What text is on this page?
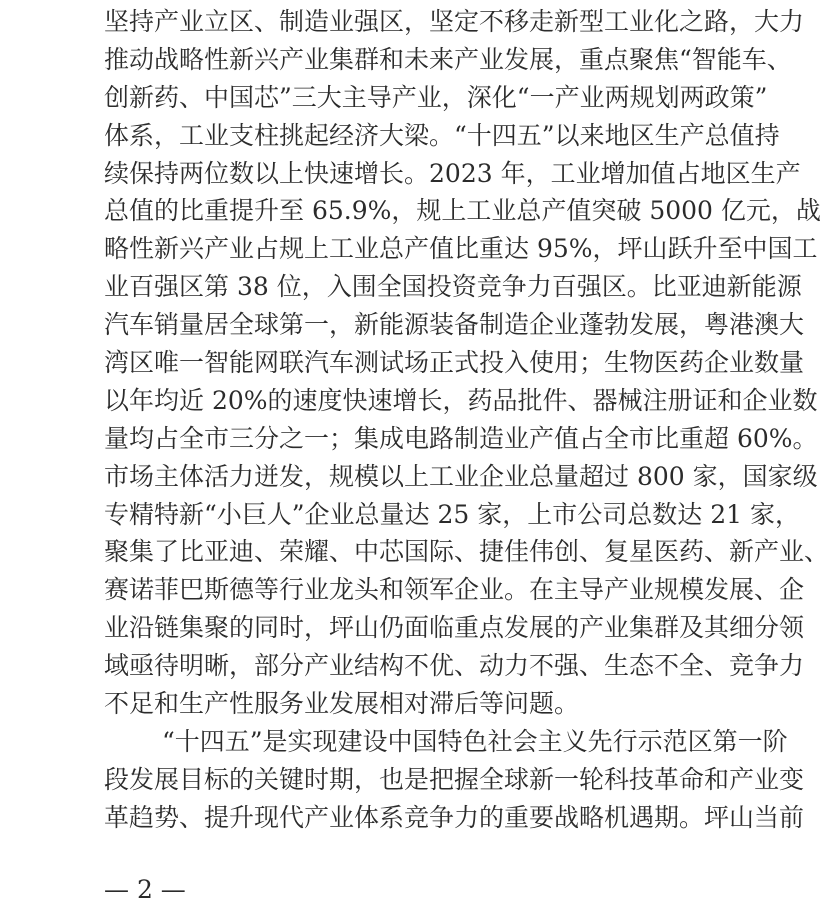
坚持产业立区、制造业强区，坚定不移走新型工业化之路，大力
推动战略性新兴产业集群和未来产业发展，重点聚焦“智能车、
创新药、中国芯”三大主导产业，深化“一产业两规划两政策”
体系，工业支柱挑起经济大梁。“十四五”以来地区生产总值持
续保持两位数以上快速增长。2023 年，工业增加值占地区生产
总值的比重提升至 65.9%，规上工业总产值突破 5000 亿元，战
略性新兴产业占规上工业总产值比重达 95%，坪山跃升至中国工
业百强区第 38 位，入围全国投资竞争力百强区。比亚迪新能源
汽车销量居全球第一，新能源装备制造企业蓬勃发展，粤港澳大
湾区唯一智能网联汽车测试场正式投入使用；生物医药企业数量
以年均近 20%的速度快速增长，药品批件、器械注册证和企业数
量均占全市三分之一；集成电路制造业产值占全市比重超 60%。
市场主体活力迸发，规模以上工业企业总量超过 800 家，国家级
专精特新“小巨人”企业总量达 25 家，上市公司总数达 21 家，
聚集了比亚迪、荣耀、中芯国际、捷佳伟创、复星医药、新产业、
赛诺菲巴斯德等行业龙头和领军企业。在主导产业规模发展、企
业沿链集聚的同时，坪山仍面临重点发展的产业集群及其细分领
域亟待明晰，部分产业结构不优、动力不强、生态不全、竞争力
不足和生产性服务业发展相对滞后等问题。
“十四五”是实现建设中国特色社会主义先行示范区第一阶
段发展目标的关键时期，也是把握全球新一轮科技革命和产业变
革趋势、提升现代产业体系竞争力的重要战略机遇期。坪山当前
— 2 —
